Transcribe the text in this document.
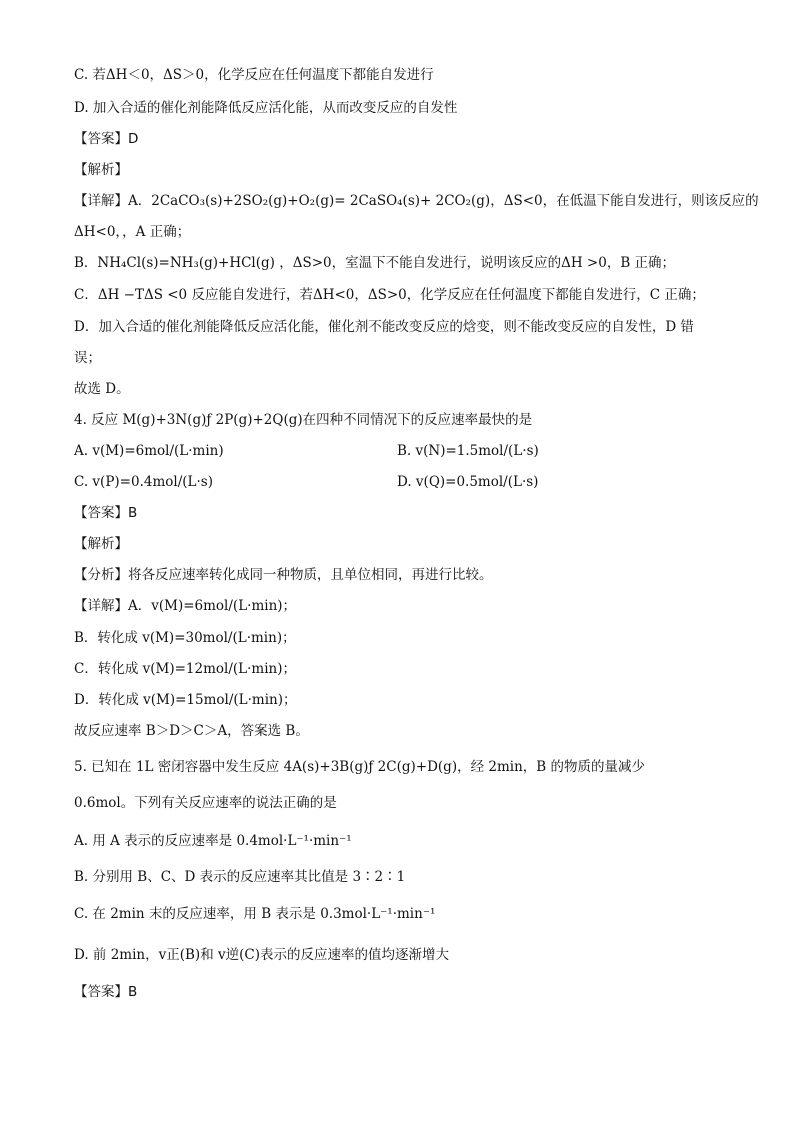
C. 若ΔH＜0，ΔS＞0，化学反应在任何温度下都能自发进行
D. 加入合适的催化剂能降低反应活化能，从而改变反应的自发性
【答案】D
【解析】
【详解】A．2CaCO₃(s)+2SO₂(g)+O₂(g)= 2CaSO₄(s)+ 2CO₂(g)，ΔS<0，在低温下能自发进行，则该反应的
ΔH<0，，A 正确；
B．NH₄Cl(s)=NH₃(g)+HCl(g) ，ΔS>0，室温下不能自发进行，说明该反应的ΔH >0，B 正确；
C．ΔH −TΔS <0 反应能自发进行，若ΔH<0，ΔS>0，化学反应在任何温度下都能自发进行，C 正确；
D．加入合适的催化剂能降低反应活化能，催化剂不能改变反应的焓变，则不能改变反应的自发性，D 错
误；
故选 D。
4. 反应 M(g)+3N(g)ƒ 2P(g)+2Q(g)在四种不同情况下的反应速率最快的是
A. v(M)=6mol/(L·min)	B. v(N)=1.5mol/(L·s)
C. v(P)=0.4mol/(L·s)	D. v(Q)=0.5mol/(L·s)
【答案】B
【解析】
【分析】将各反应速率转化成同一种物质，且单位相同，再进行比较。
【详解】A．v(M)=6mol/(L·min)；
B．转化成 v(M)=30mol/(L·min)；
C．转化成 v(M)=12mol/(L·min)；
D．转化成 v(M)=15mol/(L·min)；
故反应速率 B＞D＞C＞A，答案选 B。
5. 已知在 1L 密闭容器中发生反应 4A(s)+3B(g)ƒ 2C(g)+D(g)，经 2min，B 的物质的量减少
0.6mol。下列有关反应速率的说法正确的是
A. 用 A 表示的反应速率是 0.4mol·L⁻¹·min⁻¹
B. 分别用 B、C、D 表示的反应速率其比值是 3∶2∶1
C. 在 2min 末的反应速率，用 B 表示是 0.3mol·L⁻¹·min⁻¹
D. 前 2min，v正(B)和 v逆(C)表示的反应速率的值均逐渐增大
【答案】B
